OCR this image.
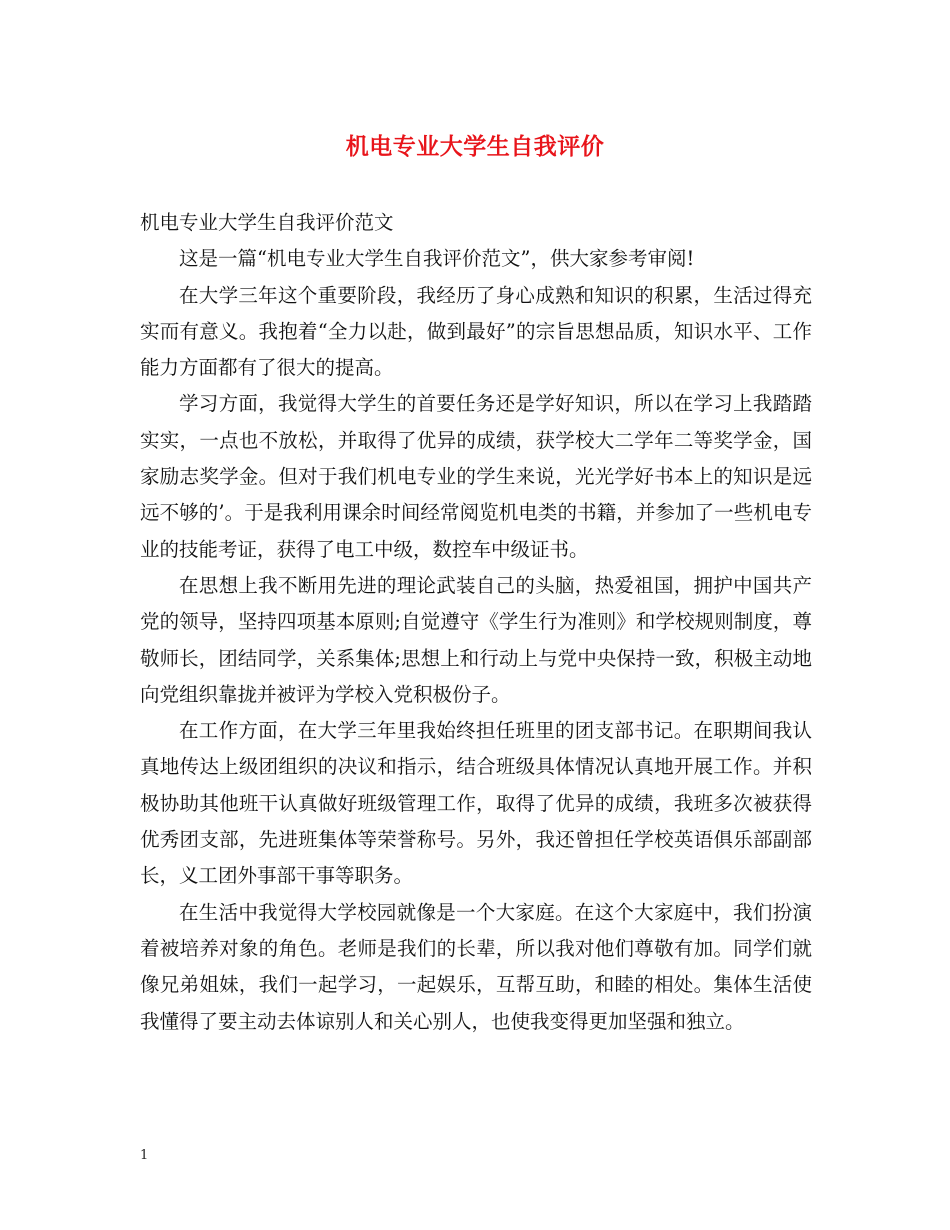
机电专业大学生自我评价

机电专业大学生自我评价范文

这是一篇“机电专业大学生自我评价范文”，供大家参考审阅!

在大学三年这个重要阶段，我经历了身心成熟和知识的积累，生活过得充实而有意义。我抱着“全力以赴，做到最好”的宗旨思想品质，知识水平、工作能力方面都有了很大的提高。

学习方面，我觉得大学生的首要任务还是学好知识，所以在学习上我踏踏实实，一点也不放松，并取得了优异的成绩，获学校大二学年二等奖学金，国家励志奖学金。但对于我们机电专业的学生来说，光光学好书本上的知识是远远不够的’。于是我利用课余时间经常阅览机电类的书籍，并参加了一些机电专业的技能考证，获得了电工中级，数控车中级证书。

在思想上我不断用先进的理论武装自己的头脑，热爱祖国，拥护中国共产党的领导，坚持四项基本原则;自觉遵守《学生行为准则》和学校规则制度，尊敬师长，团结同学，关系集体;思想上和行动上与党中央保持一致，积极主动地向党组织靠拢并被评为学校入党积极份子。

在工作方面，在大学三年里我始终担任班里的团支部书记。在职期间我认真地传达上级团组织的决议和指示，结合班级具体情况认真地开展工作。并积极协助其他班干认真做好班级管理工作，取得了优异的成绩，我班多次被获得优秀团支部，先进班集体等荣誉称号。另外，我还曾担任学校英语俱乐部副部长，义工团外事部干事等职务。

在生活中我觉得大学校园就像是一个大家庭。在这个大家庭中，我们扮演着被培养对象的角色。老师是我们的长辈，所以我对他们尊敬有加。同学们就像兄弟姐妹，我们一起学习，一起娱乐，互帮互助，和睦的相处。集体生活使我懂得了要主动去体谅别人和关心别人，也使我变得更加坚强和独立。

1
